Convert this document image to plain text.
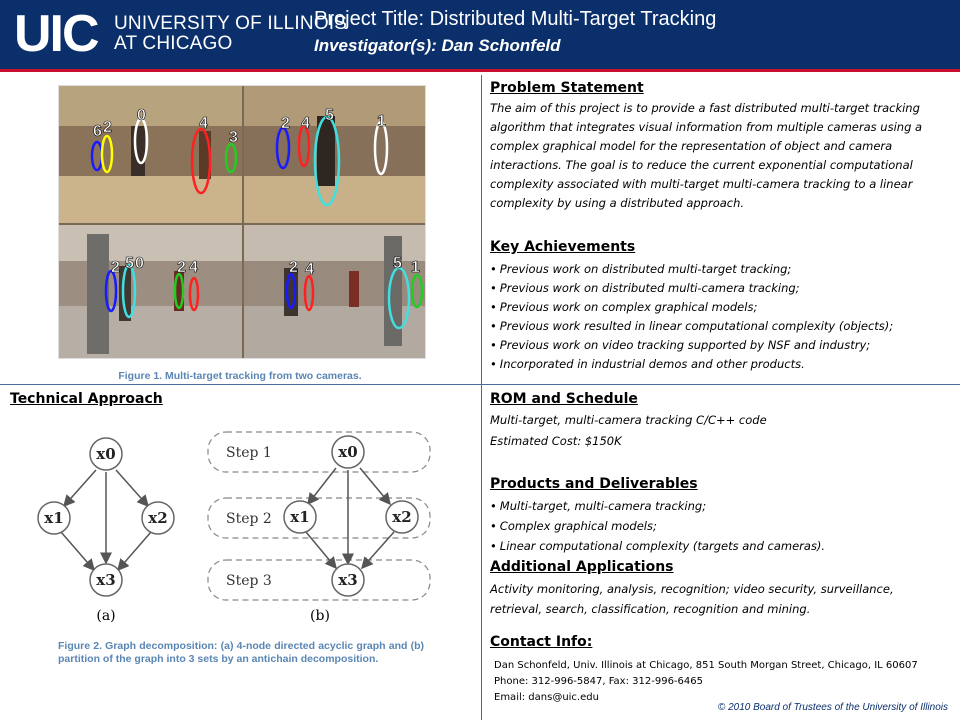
UIC UNIVERSITY OF ILLINOIS
AT CHICAGO
Project Title: Distributed Multi-Target Tracking
Investigator(s): Dan Schonfeld
6 2
0	4
3
2 4 5	1
2 5 0 2 4	2 4	5 1
Figure 1. Multi-target tracking from two cameras.
Problem Statement
The aim of this project is to provide a fast distributed multi-target tracking algorithm that integrates visual information from multiple cameras using a complex graphical model for the representation of object and camera interactions. The goal is to reduce the current exponential computational complexity associated with multi-target multi-camera tracking to a linear complexity by using a distributed approach.
Key Achievements
• Previous work on distributed multi-target tracking;
• Previous work on distributed multi-camera tracking;
• Previous work on complex graphical models;
• Previous work resulted in linear computational complexity (objects);
• Previous work on video tracking supported by NSF and industry;
• Incorporated in industrial demos and other products.
Technical Approach
x0
x1	x2
x3
(a)
Step 1
Step 2
Step 3
x0
x1	x2
x3
(b)
Figure 2. Graph decomposition: (a) 4-node directed acyclic graph and (b) partition of the graph into 3 sets by an antichain decomposition.
ROM and Schedule
Multi-target, multi-camera tracking C/C++ code
Estimated Cost: $150K
Products and Deliverables
• Multi-target, multi-camera tracking;
• Complex graphical models;
• Linear computational complexity (targets and cameras).
Additional Applications
Activity monitoring, analysis, recognition; video security, surveillance, retrieval, search, classification, recognition and mining.
Contact Info:
Dan Schonfeld, Univ. Illinois at Chicago, 851 South Morgan Street, Chicago, IL 60607
Phone: 312-996-5847, Fax: 312-996-6465
Email: dans@uic.edu
© 2010 Board of Trustees of the University of Illinois
